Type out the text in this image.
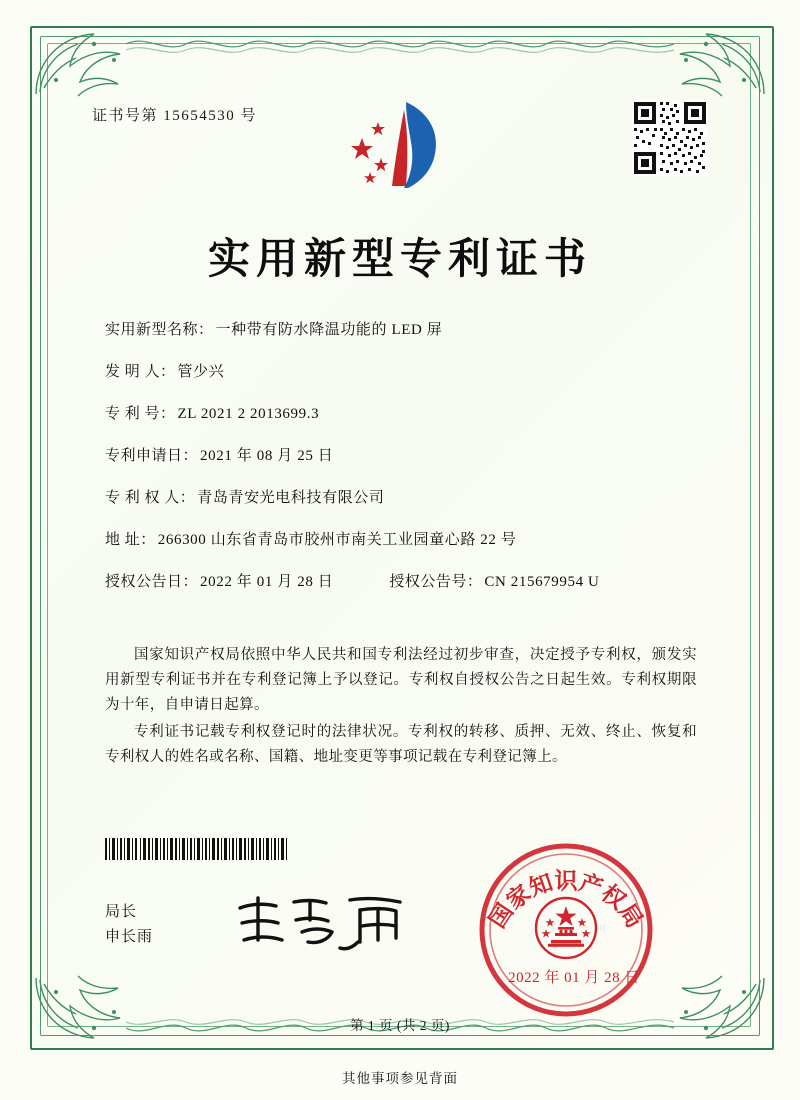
证书号第 15654530 号
实用新型专利证书
实用新型名称： 一种带有防水降温功能的 LED 屏
发 明 人： 管少兴
专 利 号： ZL 2021 2 2013699.3
专利申请日： 2021 年 08 月 25 日
专 利 权 人： 青岛青安光电科技有限公司
地 址： 266300 山东省青岛市胶州市南关工业园童心路 22 号
授权公告日： 2022 年 01 月 28 日	授权公告号： CN 215679954 U

国家知识产权局依照中华人民共和国专利法经过初步审查，决定授予专利权，颁发实用新型专利证书并在专利登记簿上予以登记。专利权自授权公告之日起生效。专利权期限为十年，自申请日起算。

专利证书记载专利权登记时的法律状况。专利权的转移、质押、无效、终止、恢复和专利权人的姓名或名称、国籍、地址变更等事项记载在专利登记簿上。

局长
申长雨
国家知识产权局
2022 年 01 月 28 日
第 1 页 (共 2 页)
其他事项参见背面
